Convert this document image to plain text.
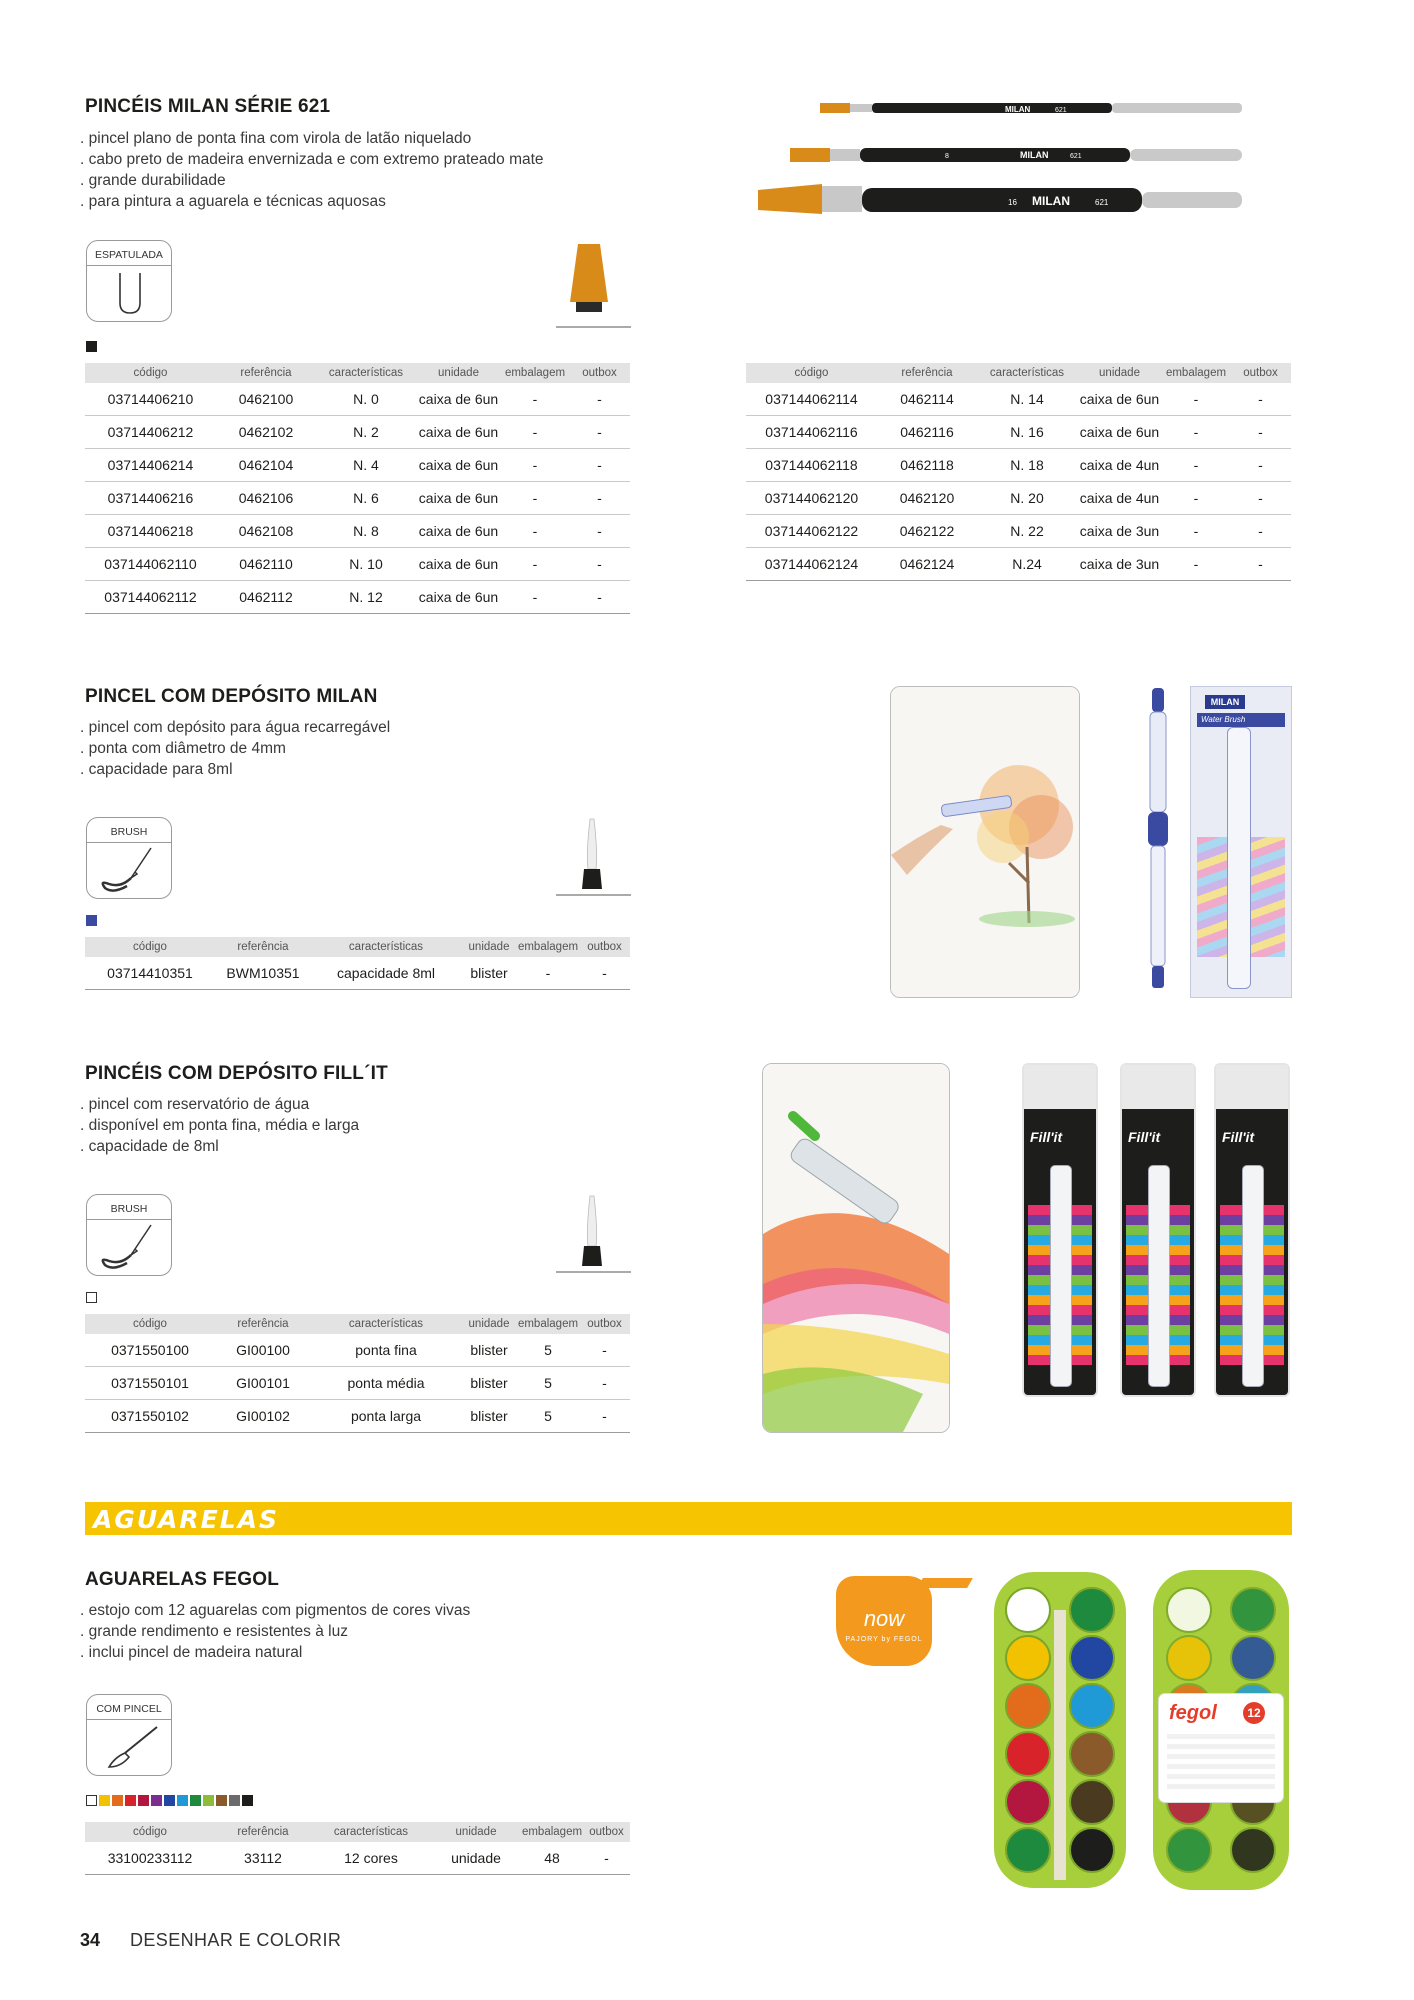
PINCÉIS MILAN SÉRIE 621
. pincel plano de ponta fina com virola de latão niquelado
. cabo preto de madeira envernizada e com extremo prateado mate
. grande durabilidade
. para pintura a aguarela e técnicas aquosas
MILAN	621
8	MILAN	621
16 MILAN	621
ESPATULADA
código	referência	características	unidade	embalagem	outbox
03714406210	0462100	N. 0	caixa de 6un	-	-
03714406212	0462102	N. 2	caixa de 6un	-	-
03714406214	0462104	N. 4	caixa de 6un	-	-
03714406216	0462106	N. 6	caixa de 6un	-	-
03714406218	0462108	N. 8	caixa de 6un	-	-
037144062110	0462110	N. 10	caixa de 6un	-	-
037144062112	0462112	N. 12	caixa de 6un	-	-
código	referência	características	unidade	embalagem	outbox
037144062114	0462114	N. 14	caixa de 6un	-	-
037144062116	0462116	N. 16	caixa de 6un	-	-
037144062118	0462118	N. 18	caixa de 4un	-	-
037144062120	0462120	N. 20	caixa de 4un	-	-
037144062122	0462122	N. 22	caixa de 3un	-	-
037144062124	0462124	N.24	caixa de 3un	-	-
PINCEL COM DEPÓSITO MILAN
. pincel com depósito para água recarregável
. ponta com diâmetro de 4mm
. capacidade para 8ml
BRUSH
código	referência	características	unidade	embalagem	outbox
03714410351	BWM10351	capacidade 8ml	blister	-	-
MILAN
Water Brush
PINCÉIS COM DEPÓSITO FILL´IT
. pincel com reservatório de água
. disponível em ponta fina, média e larga
. capacidade de 8ml
BRUSH
código	referência	características	unidade	embalagem	outbox
0371550100	GI00100	ponta fina	blister	5	-
0371550101	GI00101	ponta média	blister	5	-
0371550102	GI00102	ponta larga	blister	5	-
Fill'it	Fill'it	Fill'it
AGUARELAS
AGUARELAS FEGOL
. estojo com 12 aguarelas com pigmentos de cores vivas
. grande rendimento e resistentes à luz
. inclui pincel de madeira natural
COM PINCEL
código	referência	características	unidade	embalagem	outbox
33100233112	33112	12 cores	unidade	48	-
now
PAJORY by FEGOL
fegol	12
34 DESENHAR E COLORIR
